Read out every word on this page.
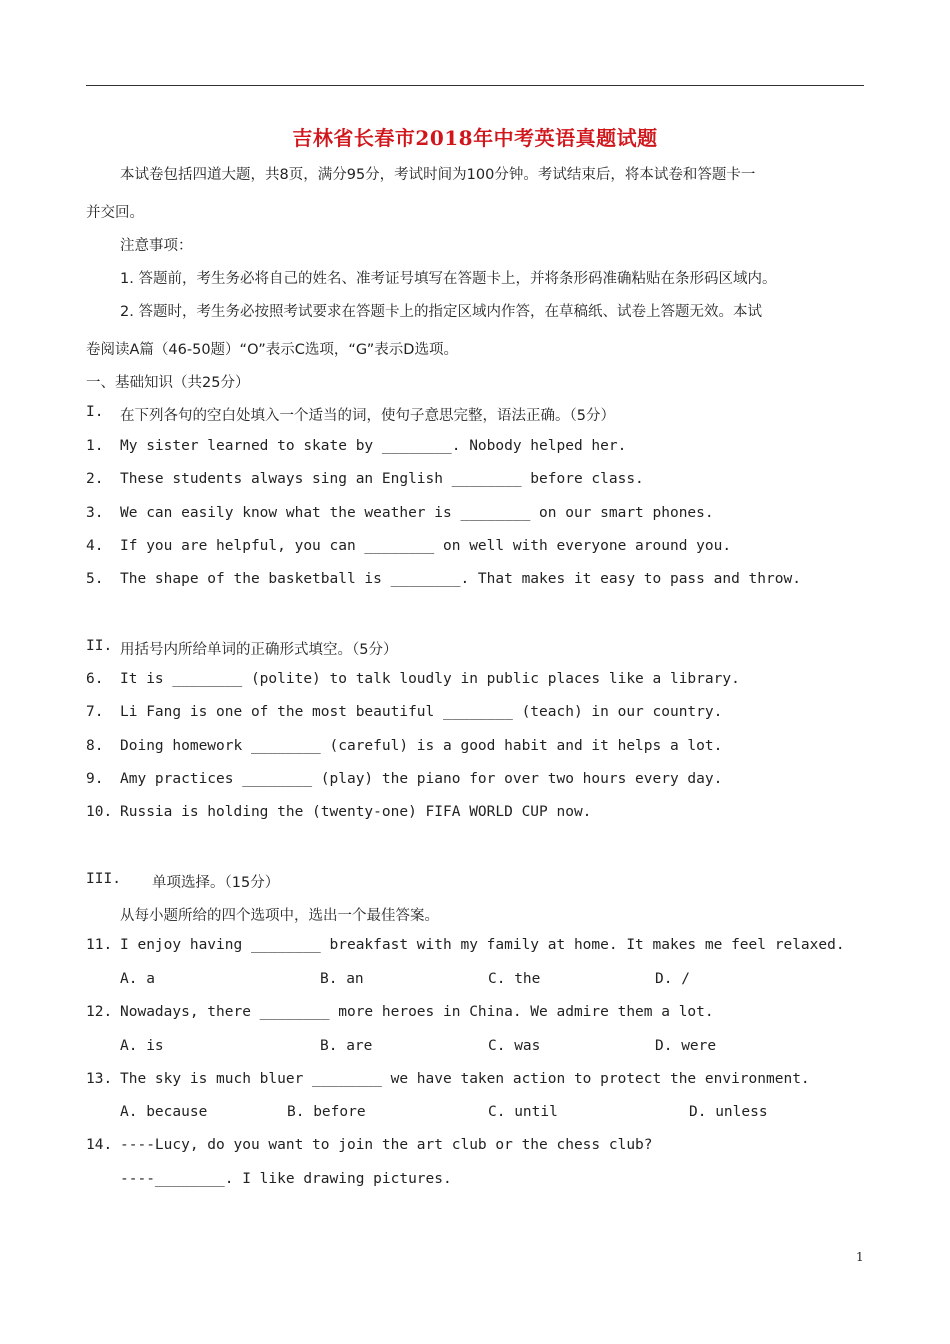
吉林省长春市2018年中考英语真题试题
本试卷包括四道大题，共8页，满分95分，考试时间为100分钟。考试结束后，将本试卷和答题卡一
并交回。
注意事项：
1. 答题前，考生务必将自己的姓名、准考证号填写在答题卡上，并将条形码准确粘贴在条形码区域内。
2. 答题时，考生务必按照考试要求在答题卡上的指定区域内作答，在草稿纸、试卷上答题无效。本试
卷阅读A篇（46-50题）“O”表示C选项，“G”表示D选项。
一、基础知识（共25分）
I. 在下列各句的空白处填入一个适当的词，使句子意思完整，语法正确。（5分）
1. My sister learned to skate by ________. Nobody helped her.
2. These students always sing an English ________ before class.
3. We can easily know what the weather is ________ on our smart phones.
4. If you are helpful, you can ________ on well with everyone around you.
5. The shape of the basketball is ________. That makes it easy to pass and throw.
II. 用括号内所给单词的正确形式填空。（5分）
6. It is ________ (polite) to talk loudly in public places like a library.
7. Li Fang is one of the most beautiful ________ (teach) in our country.
8. Doing homework ________ (careful) is a good habit and it helps a lot.
9. Amy practices ________ (play) the piano for over two hours every day.
10. Russia is holding the (twenty-one) FIFA WORLD CUP now.
III. 单项选择。（15分）
从每小题所给的四个选项中，选出一个最佳答案。
11. I enjoy having ________ breakfast with my family at home. It makes me feel relaxed.
A. a	B. an	C. the	D. /
12. Nowadays, there ________ more heroes in China. We admire them a lot.
A. is	B. are	C. was	D. were
13. The sky is much bluer ________ we have taken action to protect the environment.
A. because	B. before	C. until	D. unless
14. ----Lucy, do you want to join the art club or the chess club?
----________. I like drawing pictures.
1
